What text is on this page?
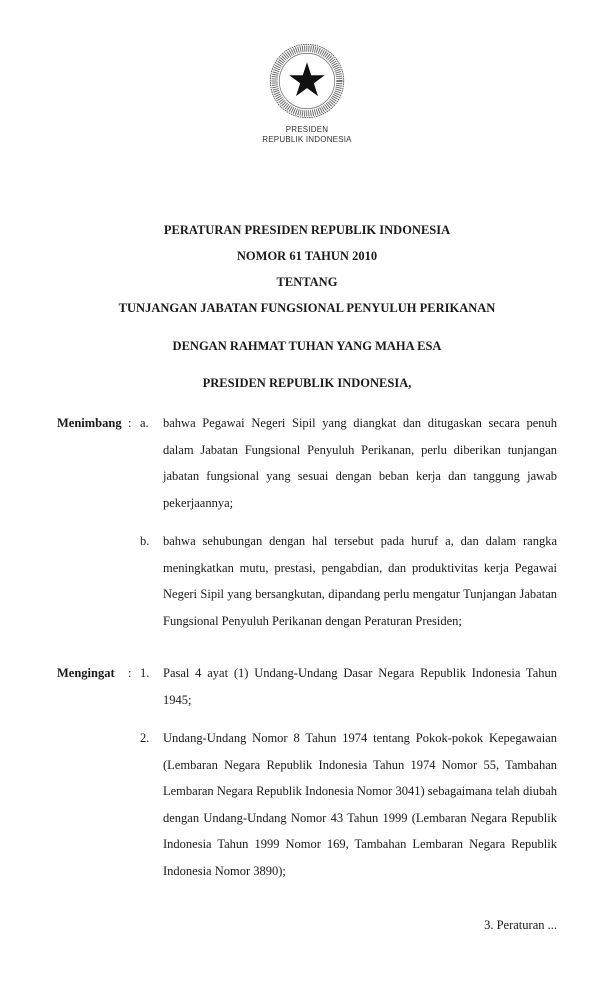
PRESIDEN
REPUBLIK INDONESIA
PERATURAN PRESIDEN REPUBLIK INDONESIA
NOMOR 61 TAHUN 2010
TENTANG
TUNJANGAN JABATAN FUNGSIONAL PENYULUH PERIKANAN
DENGAN RAHMAT TUHAN YANG MAHA ESA
PRESIDEN REPUBLIK INDONESIA,
Menimbang : a.	bahwa Pegawai Negeri Sipil yang diangkat dan ditugaskan secara penuh dalam Jabatan Fungsional Penyuluh Perikanan, perlu diberikan tunjangan jabatan fungsional yang sesuai dengan beban kerja dan tanggung jawab pekerjaannya;
b.	bahwa sehubungan dengan hal tersebut pada huruf a, dan dalam rangka meningkatkan mutu, prestasi, pengabdian, dan produktivitas kerja Pegawai Negeri Sipil yang bersangkutan, dipandang perlu mengatur Tunjangan Jabatan Fungsional Penyuluh Perikanan dengan Peraturan Presiden;
Mengingat	: 1.	Pasal 4 ayat (1) Undang-Undang Dasar Negara Republik Indonesia Tahun 1945;
2.	Undang-Undang Nomor 8 Tahun 1974 tentang Pokok-pokok Kepegawaian (Lembaran Negara Republik Indonesia Tahun 1974 Nomor 55, Tambahan Lembaran Negara Republik Indonesia Nomor 3041) sebagaimana telah diubah dengan Undang-Undang Nomor 43 Tahun 1999 (Lembaran Negara Republik Indonesia Tahun 1999 Nomor 169, Tambahan Lembaran Negara Republik Indonesia Nomor 3890);
3. Peraturan ...
